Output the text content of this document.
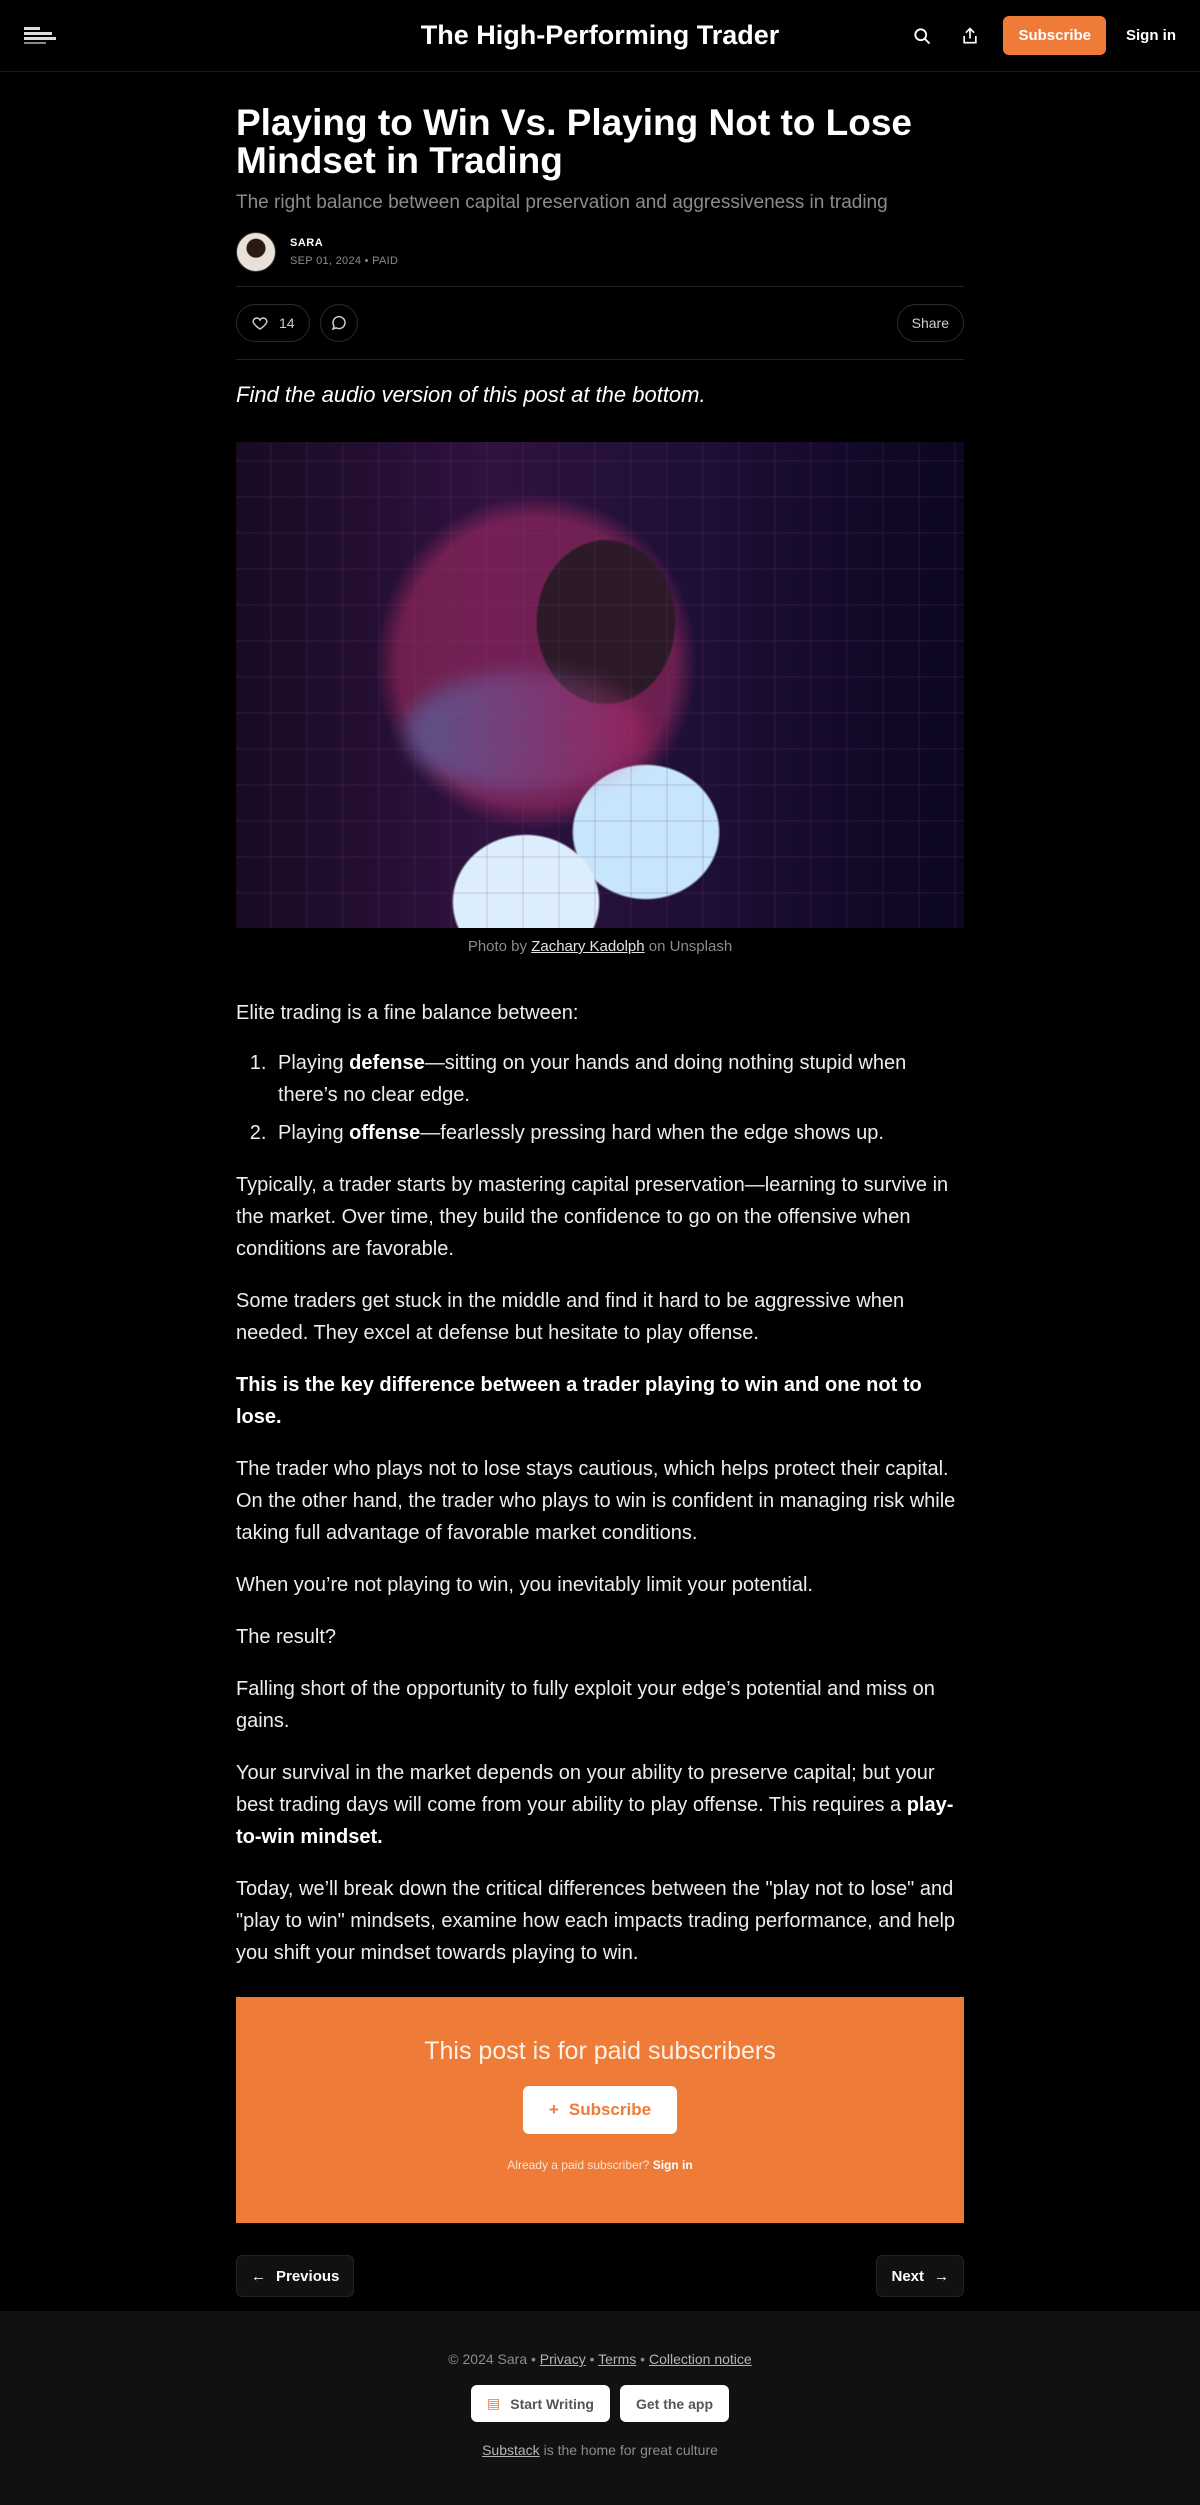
The High-Performing Trader	Subscribe	Sign in
Playing to Win Vs. Playing Not to Lose Mindset in Trading
The right balance between capital preservation and aggressiveness in trading
SARA
SEP 01, 2024 • PAID
14	Share

Find the audio version of this post at the bottom.

Photo by Zachary Kadolph on Unsplash

Elite trading is a fine balance between:

1. Playing defense—sitting on your hands and doing nothing stupid when there’s no clear edge.
2. Playing offense—fearlessly pressing hard when the edge shows up.

Typically, a trader starts by mastering capital preservation—learning to survive in the market. Over time, they build the confidence to go on the offensive when conditions are favorable.

Some traders get stuck in the middle and find it hard to be aggressive when needed. They excel at defense but hesitate to play offense.

This is the key difference between a trader playing to win and one not to lose.

The trader who plays not to lose stays cautious, which helps protect their capital. On the other hand, the trader who plays to win is confident in managing risk while taking full advantage of favorable market conditions.

When you’re not playing to win, you inevitably limit your potential.

The result?

Falling short of the opportunity to fully exploit your edge’s potential and miss on gains.

Your survival in the market depends on your ability to preserve capital; but your best trading days will come from your ability to play offense. This requires a play-to-win mindset.

Today, we’ll break down the critical differences between the "play not to lose" and "play to win" mindsets, examine how each impacts trading performance, and help you shift your mindset towards playing to win.

This post is for paid subscribers
+ Subscribe
Already a paid subscriber? Sign in
← Previous	Next →
© 2024 Sara • Privacy • Terms • Collection notice
▤ Start Writing	Get the app
Substack is the home for great culture
